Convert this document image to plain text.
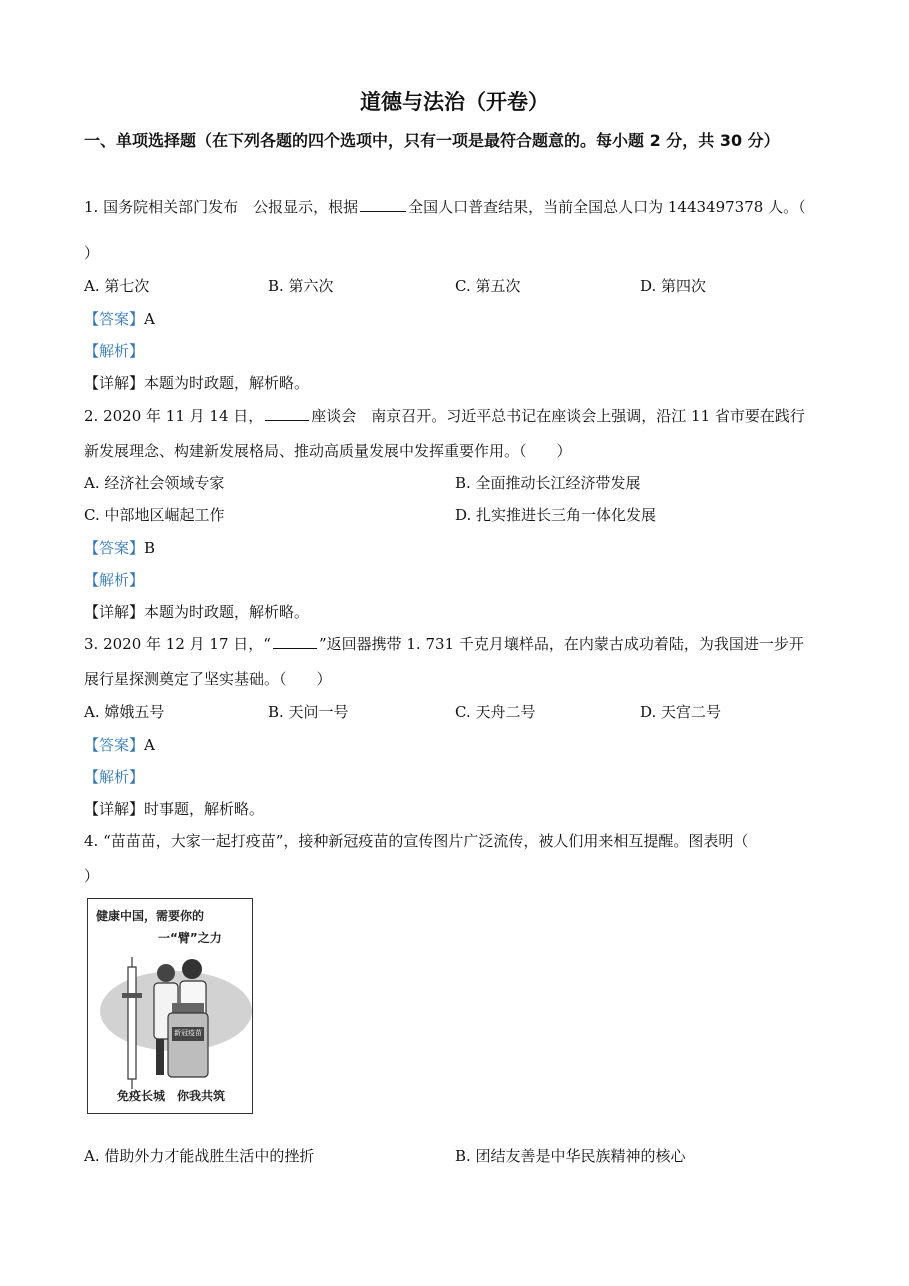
道德与法治（开卷）
一、单项选择题（在下列各题的四个选项中，只有一项是最符合题意的。每小题 2 分，共 30 分）
1. 国务院相关部门发布　公报显示，根据	全国人口普查结果，当前全国总人口为 1443497378 人。（
）
A. 第七次	B. 第六次	C. 第五次	D. 第四次
【答案】A
【解析】
【详解】本题为时政题，解析略。
2. 2020 年 11 月 14 日，	座谈会　南京召开。习近平总书记在座谈会上强调，沿江 11 省市要在践行
新发展理念、构建新发展格局、推动高质量发展中发挥重要作用。（　　）
A. 经济社会领域专家	B. 全面推动长江经济带发展
C. 中部地区崛起工作	D. 扎实推进长三角一体化发展
【答案】B
【解析】
【详解】本题为时政题，解析略。
3. 2020 年 12 月 17 日，“	”返回器携带 1. 731 千克月壤样品，在内蒙古成功着陆，为我国进一步开
展行星探测奠定了坚实基础。（　　）
A. 嫦娥五号	B. 天问一号	C. 天舟二号	D. 天宫二号
【答案】A
【解析】
【详解】时事题，解析略。
4. “苗苗苗，大家一起打疫苗”，接种新冠疫苗的宣传图片广泛流传，被人们用来相互提醒。图表明（
）
健康中国，需要你的
一“臂”之力
新冠疫苗
免疫长城　你我共筑
A. 借助外力才能战胜生活中的挫折	B. 团结友善是中华民族精神的核心
